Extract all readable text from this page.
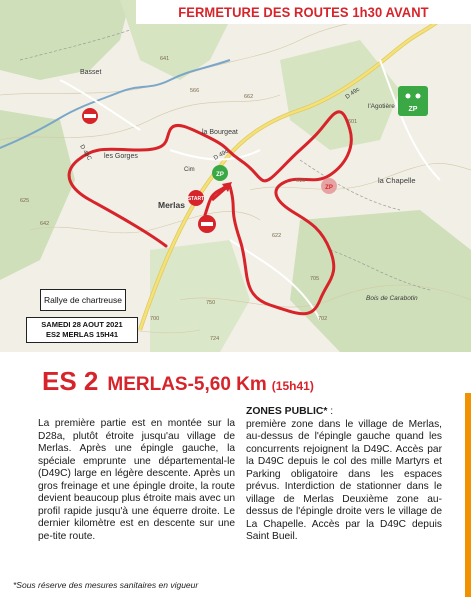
START
ZP
ZP
ZP
Basset
les Gorges
la Bourgeat
Merlas
l'Agotière
la Chapelle
Bois de Carabotin
Cim
D 49c
D 49C	D 49c
566
601
619
622
625
642
702
705
724
750
700
662
641
FERMETURE DES ROUTES 1h30 AVANT
Rallye de chartreuse
SAMEDI 28 AOUT 2021
ES2 MERLAS 15H41
ES 2 MERLAS-5,60 Km (15h41)
La première partie est en montée sur la D28a, plutôt étroite jusqu'au village de Merlas. Après une épingle gauche, la spéciale emprunte une départemental-le (D49C) large en légère descente. Après un gros freinage et une épingle droite, la route devient beaucoup plus étroite mais avec un profil rapide jusqu'à une équerre droite. Le dernier kilomètre est en descente sur une pe-tite route.
ZONES PUBLIC* :
première zone dans le village de Merlas, au-dessus de l'épingle gauche quand les concurrents rejoignent la D49C. Accès par la D49C depuis le col des mille Martyrs et Parking obligatoire dans les espaces prévus. Interdiction de stationner dans le village de Merlas Deuxième zone au-dessus de l'épingle droite vers le village de La Chapelle. Accès par la D49C depuis Saint Bueil.
*Sous réserve des mesures sanitaires en vigueur
